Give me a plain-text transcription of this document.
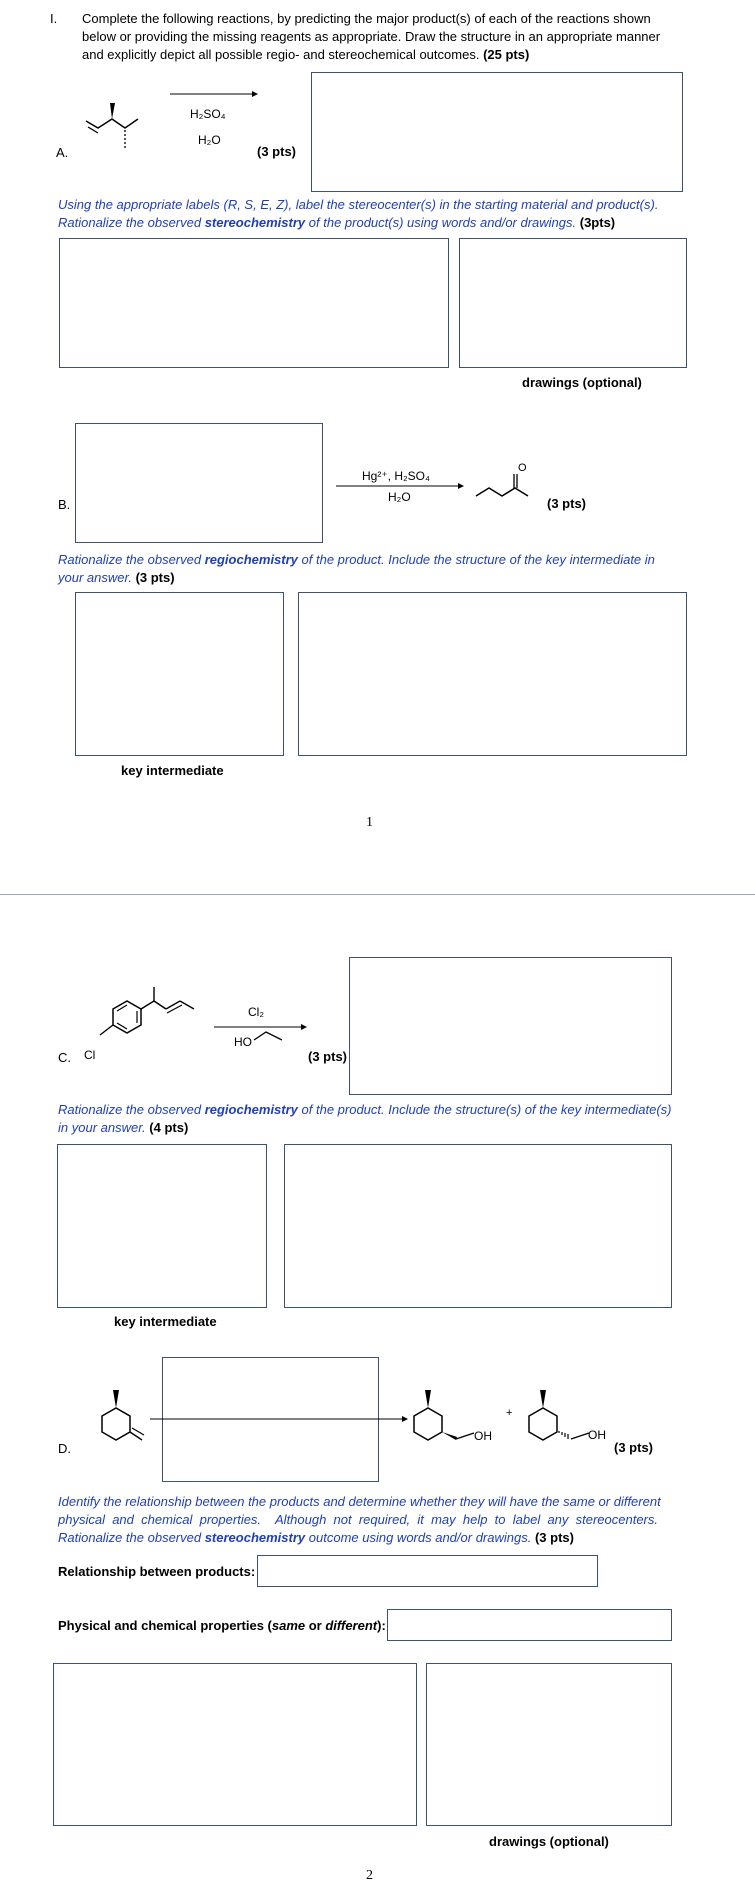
I. Complete the following reactions, by predicting the major product(s) of each of the reactions shown
below or providing the missing reagents as appropriate. Draw the structure in an appropriate manner
and explicitly depict all possible regio- and stereochemical outcomes. (25 pts)
A.
H₂SO₄
H₂O
(3 pts)
Using the appropriate labels (R, S, E, Z), label the stereocenter(s) in the starting material and product(s).
Rationalize the observed stereochemistry of the product(s) using words and/or drawings. (3pts)
drawings (optional)
B.
Hg²⁺, H₂SO₄
H₂O
O
(3 pts)
Rationalize the observed regiochemistry of the product. Include the structure of the key intermediate in
your answer. (3 pts)
key intermediate
1
C. Cl
Cl₂
HO
(3 pts)
Rationalize the observed regiochemistry of the product. Include the structure(s) of the key intermediate(s)
in your answer. (4 pts)
key intermediate
D.
OH
+
OH
(3 pts)
Identify the relationship between the products and determine whether they will have the same or different
physical  and  chemical  properties.    Although  not  required,  it  may  help  to  label  any  stereocenters.
Rationalize the observed stereochemistry outcome using words and/or drawings. (3 pts)
Relationship between products:
Physical and chemical properties (same or different):
drawings (optional)
2
